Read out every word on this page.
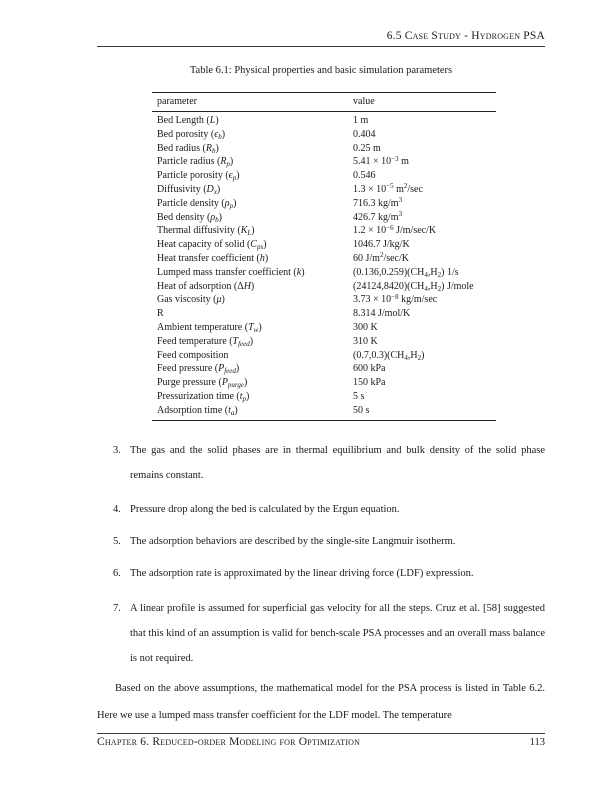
6.5 Case Study - Hydrogen PSA
Table 6.1: Physical properties and basic simulation parameters
parameter	value
Bed Length (L)	1 m
Bed porosity $(\epsilon_b)$	0.404
Bed radius $(R_b)$	0.25 m
Particle radius $(R_p)$	$5.41 \times 10^{-3}$ m
Particle porosity $(\epsilon_p)$	0.546
Diffusivity $(D_x)$	$1.3 \times 10^{-5}$ $m^2/\sec$
Particle density $(\rho_p)$	716.3 $kg/m^3$
Bed density $(\rho_b)$	426.7 $kg/m^3$
Thermal diffusivity $(K_L)$	$1.2 \times 10^{-6}$ J/m/sec/K
Heat capacity of solid $(C_{ps})$	1046.7 J/kg/K
Heat transfer coefficient (h)	60 $J/m^2/\sec/K$
Lumped mass transfer coefficient (k)	$(0.136,0.259)(CH_4,H_2)$ 1/s
Heat of adsorption (ΔH)	$(24124,8420)(CH_4,H_2)$ J/mole
Gas viscosity (μ)	$3.73 \times 10^{-8}$ kg/m/sec
R	8.314 J/mol/K
Ambient temperature $(T_w)$	300 K
Feed temperature $(T_{feed})$	310 K
Feed composition	$(0.7,0.3)(CH_4,H_2)$
Feed pressure $(P_{feed})$	600 kPa
Purge pressure $(P_{purge})$	150 kPa
Pressurization time $(t_p)$	5 s
Adsorption time $(t_a)$	50 s
3. The gas and the solid phases are in thermal equilibrium and bulk density of the solid phase remains constant.
4. Pressure drop along the bed is calculated by the Ergun equation.
5. The adsorption behaviors are described by the single-site Langmuir isotherm.
6. The adsorption rate is approximated by the linear driving force (LDF) expression.
7. A linear profile is assumed for superficial gas velocity for all the steps. Cruz et al. [58] suggested that this kind of an assumption is valid for bench-scale PSA processes and an overall mass balance is not required.
Based on the above assumptions, the mathematical model for the PSA process is listed in Table 6.2. Here we use a lumped mass transfer coefficient for the LDF model. The temperature
Chapter 6. Reduced-order Modeling for Optimization	113
